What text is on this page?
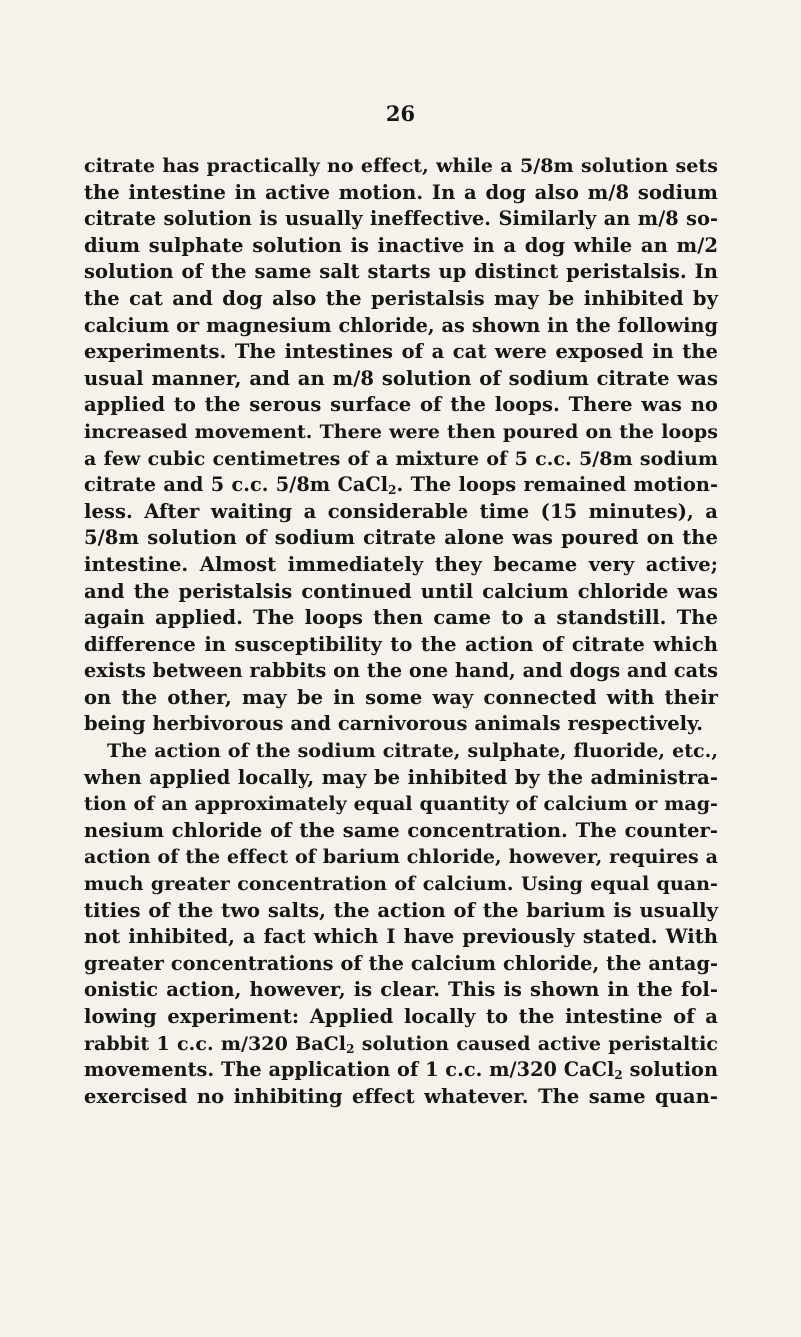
26
citrate has practically no effect, while a 5/8m solution sets
the intestine in active motion. In a dog also m/8 sodium
citrate solution is usually ineffective. Similarly an m/8 so-
dium sulphate solution is inactive in a dog while an m/2
solution of the same salt starts up distinct peristalsis. In
the cat and dog also the peristalsis may be inhibited by
calcium or magnesium chloride, as shown in the following
experiments. The intestines of a cat were exposed in the
usual manner, and an m/8 solution of sodium citrate was
applied to the serous surface of the loops. There was no
increased movement. There were then poured on the loops
a few cubic centimetres of a mixture of 5 c.c. 5/8m sodium
citrate and 5 c.c. 5/8m CaCl$_2$. The loops remained motion-
less. After waiting a considerable time (15 minutes), a
5/8m solution of sodium citrate alone was poured on the
intestine. Almost immediately they became very active;
and the peristalsis continued until calcium chloride was
again applied. The loops then came to a standstill. The
difference in susceptibility to the action of citrate which
exists between rabbits on the one hand, and dogs and cats
on the other, may be in some way connected with their
being herbivorous and carnivorous animals respectively.
The action of the sodium citrate, sulphate, fluoride, etc.,
when applied locally, may be inhibited by the administra-
tion of an approximately equal quantity of calcium or mag-
nesium chloride of the same concentration. The counter-
action of the effect of barium chloride, however, requires a
much greater concentration of calcium. Using equal quan-
tities of the two salts, the action of the barium is usually
not inhibited, a fact which I have previously stated. With
greater concentrations of the calcium chloride, the antag-
onistic action, however, is clear. This is shown in the fol-
lowing experiment: Applied locally to the intestine of a
rabbit 1 c.c. m/320 BaCl$_2$ solution caused active peristaltic
movements. The application of 1 c.c. m/320 CaCl$_2$ solution
exercised no inhibiting effect whatever. The same quan-
